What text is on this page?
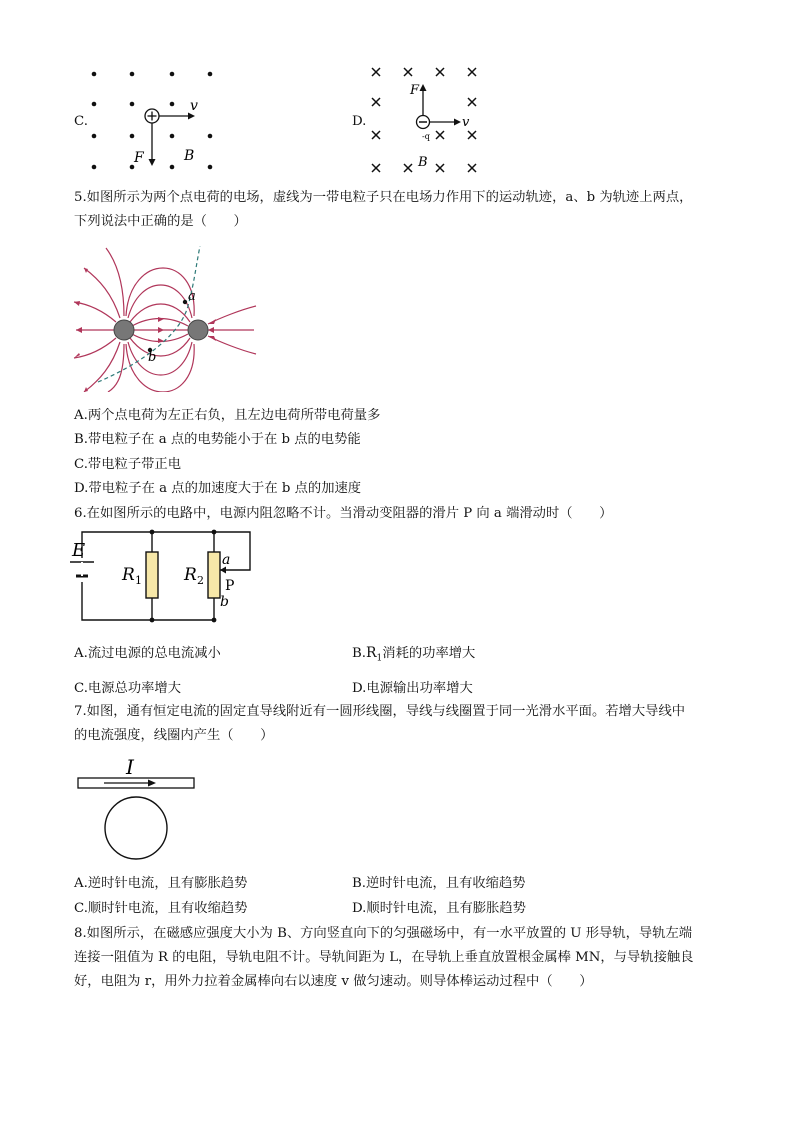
C.
v
F	B
D.	v
F
B
-q
5.如图所示为两个点电荷的电场，虚线为一带电粒子只在电场力作用下的运动轨迹，a、b 为轨迹上两点，
下列说法中正确的是（　　）
a
b
A.两个点电荷为左正右负，且左边电荷所带电荷量多
B.带电粒子在 a 点的电势能小于在 b 点的电势能
C.带电粒子带正电
D.带电粒子在 a 点的加速度大于在 b 点的加速度
6.在如图所示的电路中，电源内阻忽略不计。当滑动变阻器的滑片 P 向 a 端滑动时（　　）
E
R 1 R 2
a
P
b
A.流过电源的总电流减小	$B.R_1$消耗的功率增大
C.电源总功率增大	D.电源输出功率增大
7.如图，通有恒定电流的固定直导线附近有一圆形线圈，导线与线圈置于同一光滑水平面。若增大导线中
的电流强度，线圈内产生（　　）
I
A.逆时针电流，且有膨胀趋势	B.逆时针电流，且有收缩趋势
C.顺时针电流，且有收缩趋势	D.顺时针电流，且有膨胀趋势
8.如图所示，在磁感应强度大小为 B、方向竖直向下的匀强磁场中，有一水平放置的 U 形导轨，导轨左端
连接一阻值为 R 的电阻，导轨电阻不计。导轨间距为 L，在导轨上垂直放置根金属棒 MN，与导轨接触良
好，电阻为 r，用外力拉着金属棒向右以速度 v 做匀速动。则导体棒运动过程中（　　）
